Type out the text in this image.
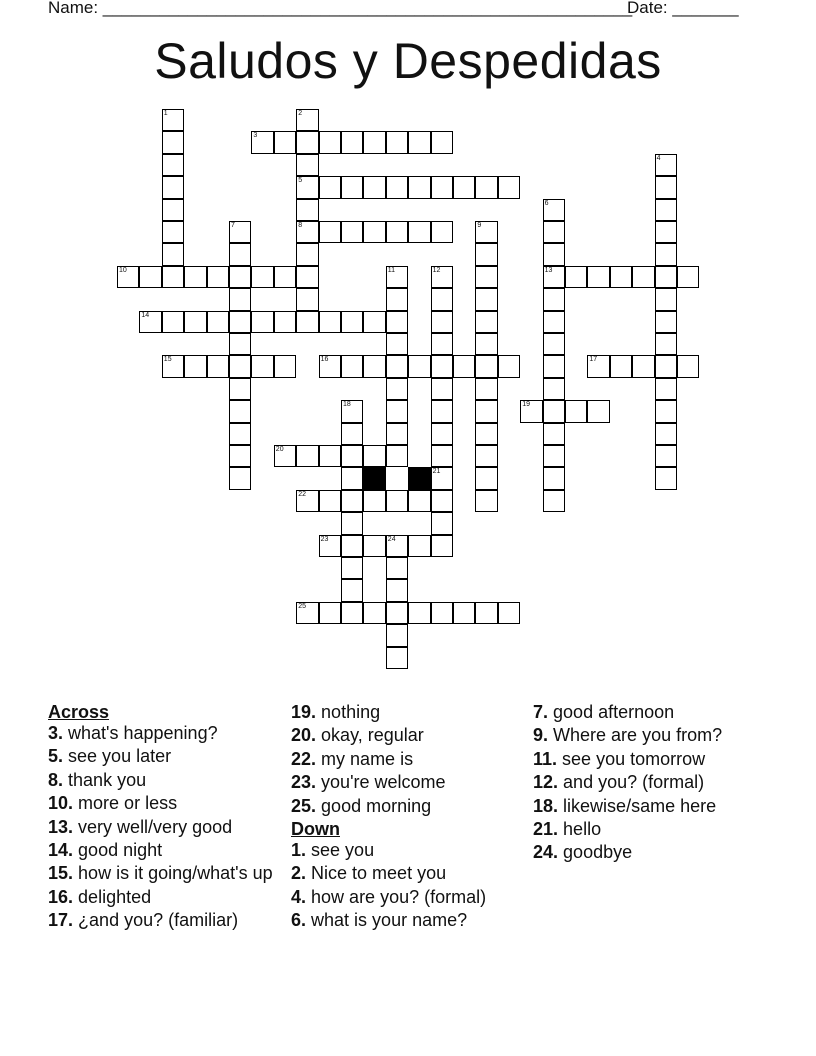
Name: ________________________________________________________
Date: _______
Saludos y Despedidas
3
5
8
10	13
14
15	16	17
19
20
22
23	24
25
1	2
4
6
7	9
11	12
18
21
Across
3. what's happening?
5. see you later
8. thank you
10. more or less
13. very well/very good
14. good night
15. how is it going/what's up
16. delighted
17. ¿and you? (familiar)
19. nothing
20. okay, regular
22. my name is
23. you're welcome
25. good morning
Down
1. see you
2. Nice to meet you
4. how are you? (formal)
6. what is your name?
7. good afternoon
9. Where are you from?
11. see you tomorrow
12. and you? (formal)
18. likewise/same here
21. hello
24. goodbye
